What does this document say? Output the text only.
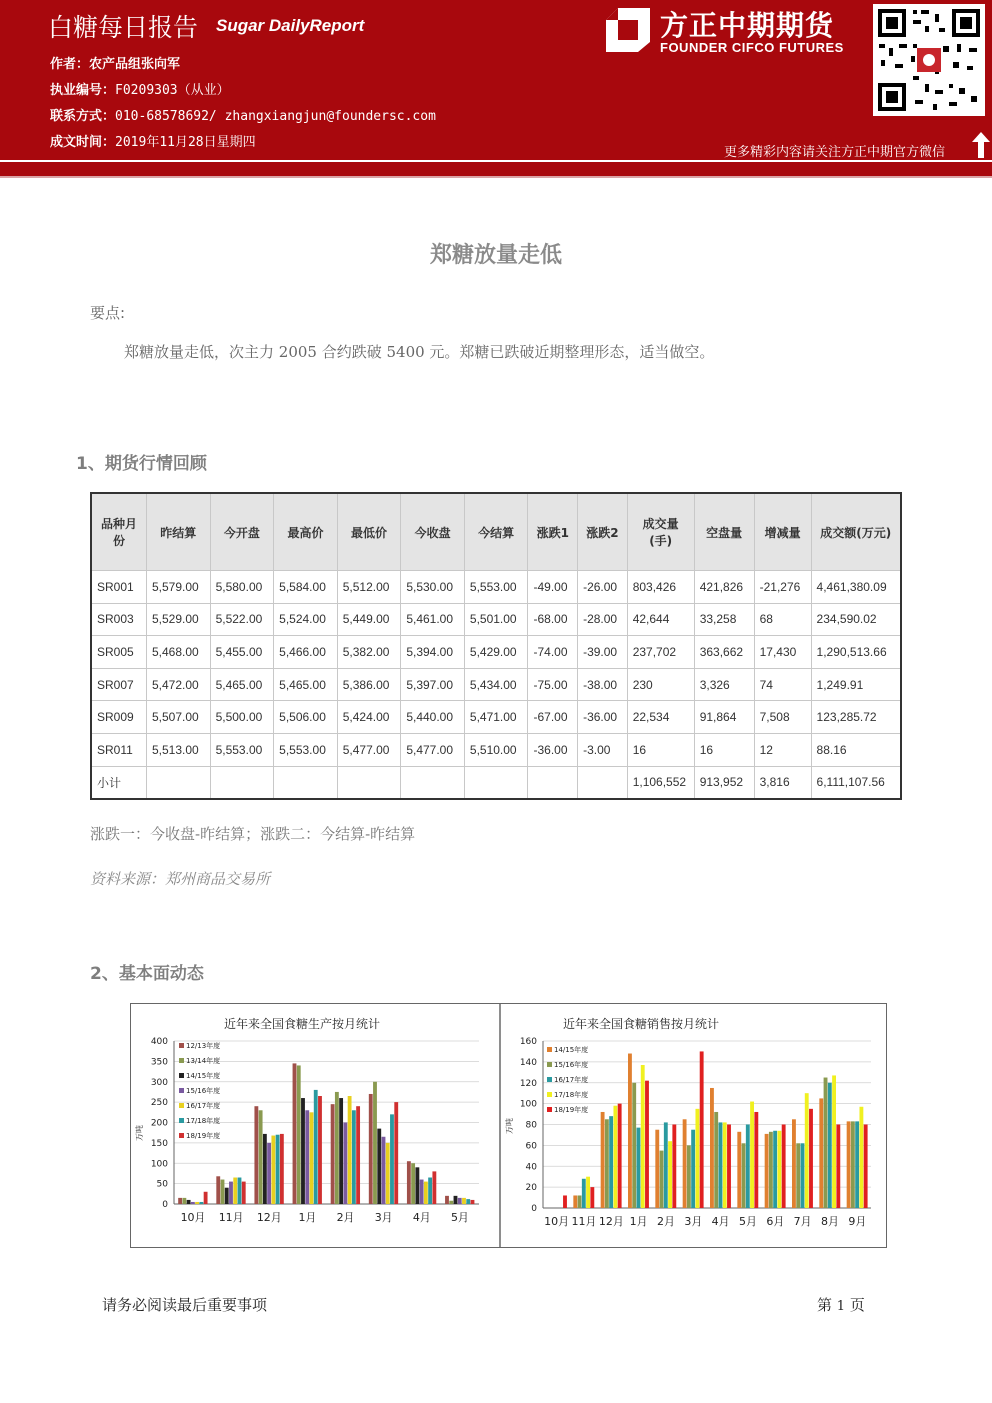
白糖每日报告 Sugar DailyReport
作者：农产品组张向军
执业编号：F0209303（从业）
联系方式：010-68578692/ zhangxiangjun@foundersc.com
成文时间：2019年11月28日星期四
方正中期期货
FOUNDER CIFCO FUTURES
更多精彩内容请关注方正中期官方微信
郑糖放量走低
要点:
郑糖放量走低，次主力 2005 合约跌破 5400 元。郑糖已跌破近期整理形态，适当做空。
1、期货行情回顾
品种月份	昨结算	今开盘	最高价	最低价	今收盘	今结算	涨跌1	涨跌2	成交量(手)	空盘量	增减量	成交额(万元)
SR001	5,579.00	5,580.00	5,584.00	5,512.00	5,530.00	5,553.00	-49.00	-26.00	803,426	421,826	-21,276	4,461,380.09
SR003	5,529.00	5,522.00	5,524.00	5,449.00	5,461.00	5,501.00	-68.00	-28.00	42,644	33,258	68	234,590.02
SR005	5,468.00	5,455.00	5,466.00	5,382.00	5,394.00	5,429.00	-74.00	-39.00	237,702	363,662	17,430	1,290,513.66
SR007	5,472.00	5,465.00	5,465.00	5,386.00	5,397.00	5,434.00	-75.00	-38.00	230	3,326	74	1,249.91
SR009	5,507.00	5,500.00	5,506.00	5,424.00	5,440.00	5,471.00	-67.00	-36.00	22,534	91,864	7,508	123,285.72
SR011	5,513.00	5,553.00	5,553.00	5,477.00	5,477.00	5,510.00	-36.00	-3.00	16	16	12	88.16
小计									1,106,552	913,952	3,816	6,111,107.56
涨跌一：今收盘-昨结算；涨跌二：今结算-昨结算
资料来源：郑州商品交易所
2、基本面动态
近年来全国食糖生产按月统计
0
50
100
150
200
250
300
350
400
万吨
10月 11月 12月 1月 2月 3月 4月 5月
12/13年度
13/14年度
14/15年度
15/16年度
16/17年度
17/18年度
18/19年度
近年来全国食糖销售按月统计
0
20
40
60
80
100
120
140
160
万吨
10月 11月 12月 1月 2月 3月 4月 5月 6月 7月 8月 9月
14/15年度
15/16年度
16/17年度
17/18年度
18/19年度
请务必阅读最后重要事项	第 1 页
